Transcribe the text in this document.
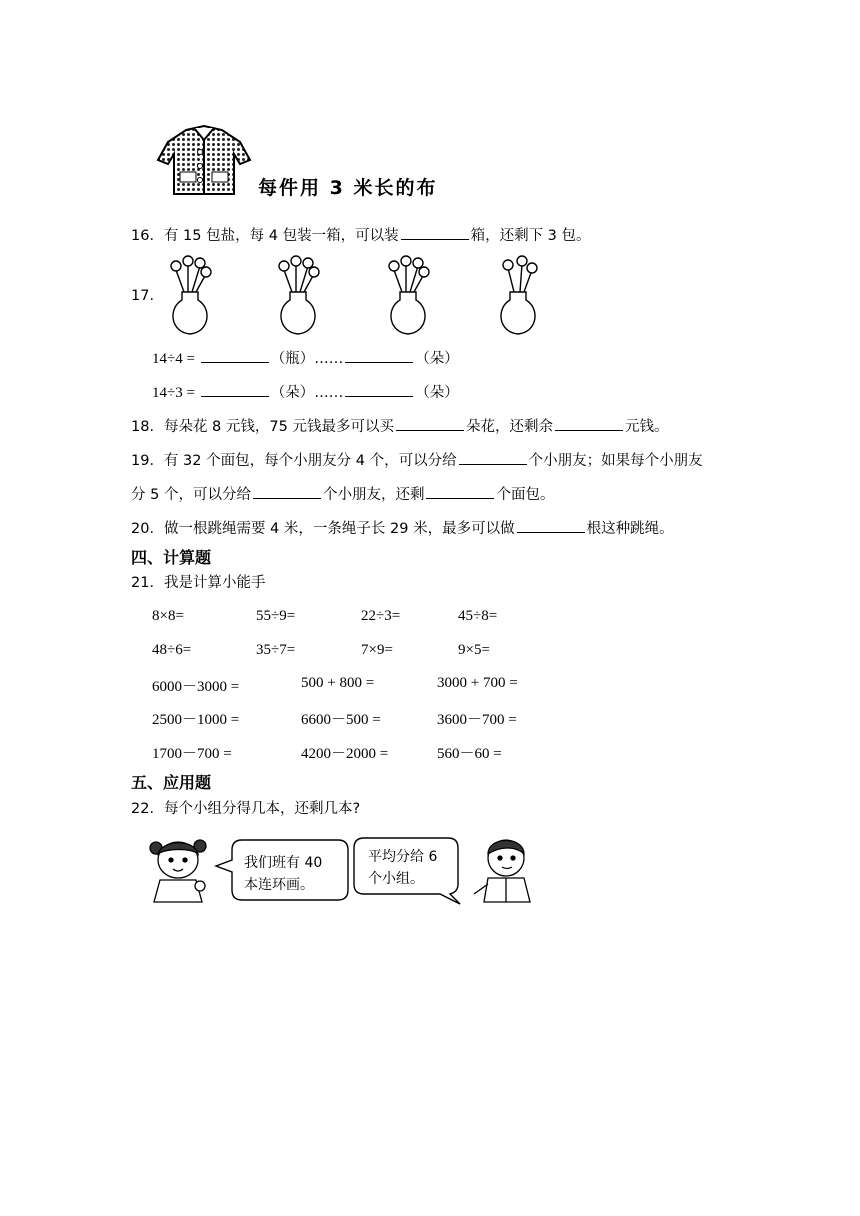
每件用 3 米长的布
16．有 15 包盐，每 4 包装一箱，可以装	箱，还剩下 3 包。
17．
14÷4 =	（瓶）……	（朵）
14÷3 =	（朵）……	（朵）
18．每朵花 8 元钱，75 元钱最多可以买	朵花，还剩余	元钱。
19．有 32 个面包，每个小朋友分 4 个，可以分给	个小朋友；如果每个小朋友
分 5 个，可以分给	个小朋友，还剩	个面包。
20．做一根跳绳需要 4 米，一条绳子长 29 米，最多可以做	根这种跳绳。
四、计算题
21．我是计算小能手
8×8=	55÷9=	22÷3=	45÷8=
48÷6=	35÷7=	7×9=	9×5=
6000－3000 =	500 + 800 =	3000 + 700 =
2500－1000 =	6600－500 =	3600－700 =
1700－700 =	4200－2000 =	560－60 =
五、应用题
22．每个小组分得几本，还剩几本?
我们班有 40 本连环画。
平均分给 6 个小组。
